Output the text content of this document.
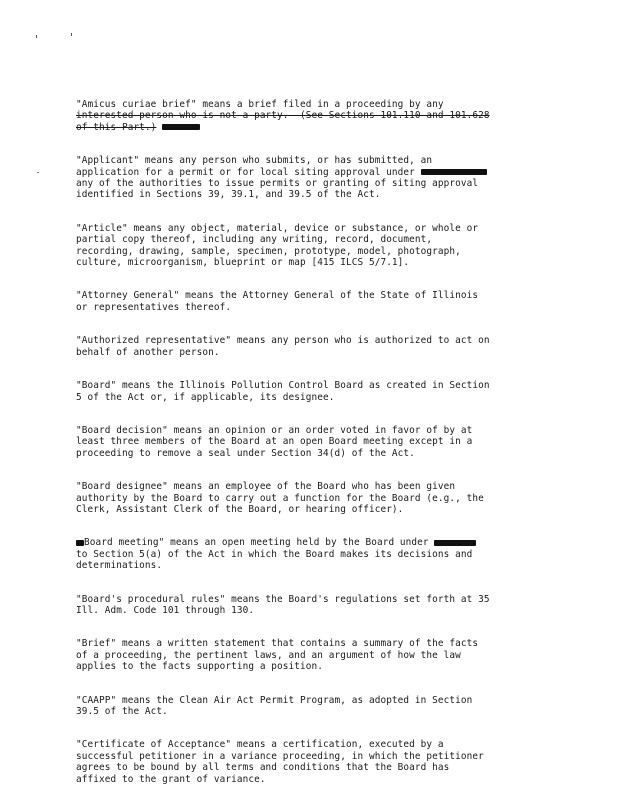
"Amicus curiae brief" means a brief filed in a proceeding by any
interested person who is not a party.  (See Sections 101.110 and 101.628
of this Part.)
"Applicant" means any person who submits, or has submitted, an
application for a permit or for local siting approval under
any of the authorities to issue permits or granting of siting approval
identified in Sections 39, 39.1, and 39.5 of the Act.
"Article" means any object, material, device or substance, or whole or
partial copy thereof, including any writing, record, document,
recording, drawing, sample, specimen, prototype, model, photograph,
culture, microorganism, blueprint or map [415 ILCS 5/7.1].
"Attorney General" means the Attorney General of the State of Illinois
or representatives thereof.
"Authorized representative" means any person who is authorized to act on
behalf of another person.
"Board" means the Illinois Pollution Control Board as created in Section
5 of the Act or, if applicable, its designee.
"Board decision" means an opinion or an order voted in favor of by at
least three members of the Board at an open Board meeting except in a
proceeding to remove a seal under Section 34(d) of the Act.
"Board designee" means an employee of the Board who has been given
authority by the Board to carry out a function for the Board (e.g., the
Clerk, Assistant Clerk of the Board, or hearing officer).
Board meeting" means an open meeting held by the Board under
to Section 5(a) of the Act in which the Board makes its decisions and
determinations.
"Board's procedural rules" means the Board's regulations set forth at 35
Ill. Adm. Code 101 through 130.
"Brief" means a written statement that contains a summary of the facts
of a proceeding, the pertinent laws, and an argument of how the law
applies to the facts supporting a position.
"CAAPP" means the Clean Air Act Permit Program, as adopted in Section
39.5 of the Act.
"Certificate of Acceptance" means a certification, executed by a
successful petitioner in a variance proceeding, in which the petitioner
agrees to be bound by all terms and conditions that the Board has
affixed to the grant of variance.
